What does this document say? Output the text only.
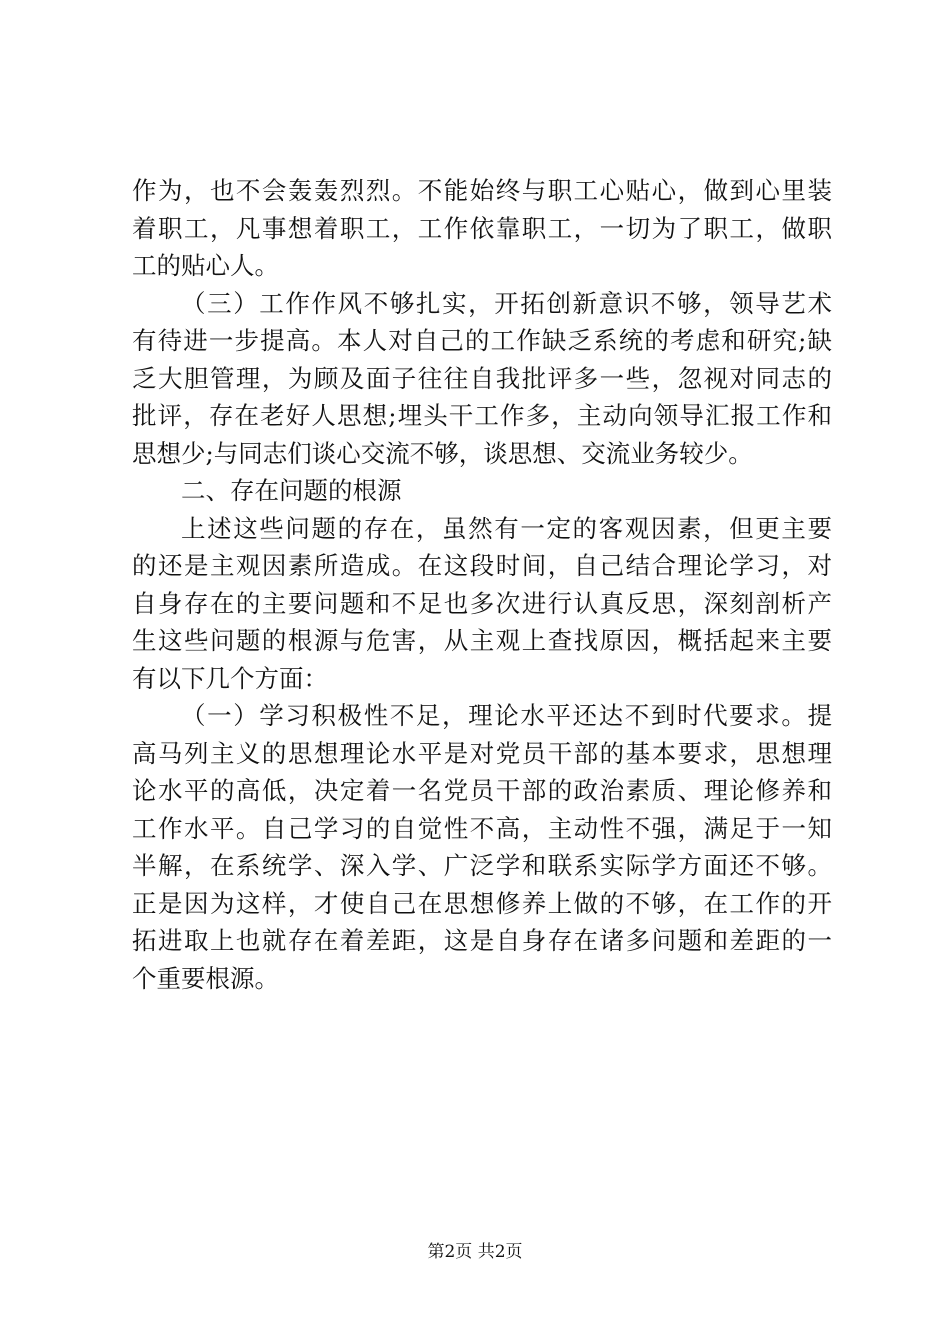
作为，也不会轰轰烈烈。不能始终与职工心贴心，做到心里装
着职工，凡事想着职工，工作依靠职工，一切为了职工，做职
工的贴心人。
（三）工作作风不够扎实，开拓创新意识不够，领导艺术
有待进一步提高。本人对自己的工作缺乏系统的考虑和研究;缺
乏大胆管理，为顾及面子往往自我批评多一些，忽视对同志的
批评，存在老好人思想;埋头干工作多，主动向领导汇报工作和
思想少;与同志们谈心交流不够，谈思想、交流业务较少。
二、存在问题的根源
上述这些问题的存在，虽然有一定的客观因素，但更主要
的还是主观因素所造成。在这段时间，自己结合理论学习，对
自身存在的主要问题和不足也多次进行认真反思，深刻剖析产
生这些问题的根源与危害，从主观上查找原因，概括起来主要
有以下几个方面：
（一）学习积极性不足，理论水平还达不到时代要求。提
高马列主义的思想理论水平是对党员干部的基本要求，思想理
论水平的高低，决定着一名党员干部的政治素质、理论修养和
工作水平。自己学习的自觉性不高，主动性不强，满足于一知
半解，在系统学、深入学、广泛学和联系实际学方面还不够。
正是因为这样，才使自己在思想修养上做的不够，在工作的开
拓进取上也就存在着差距，这是自身存在诸多问题和差距的一
个重要根源。
第2页 共2页
